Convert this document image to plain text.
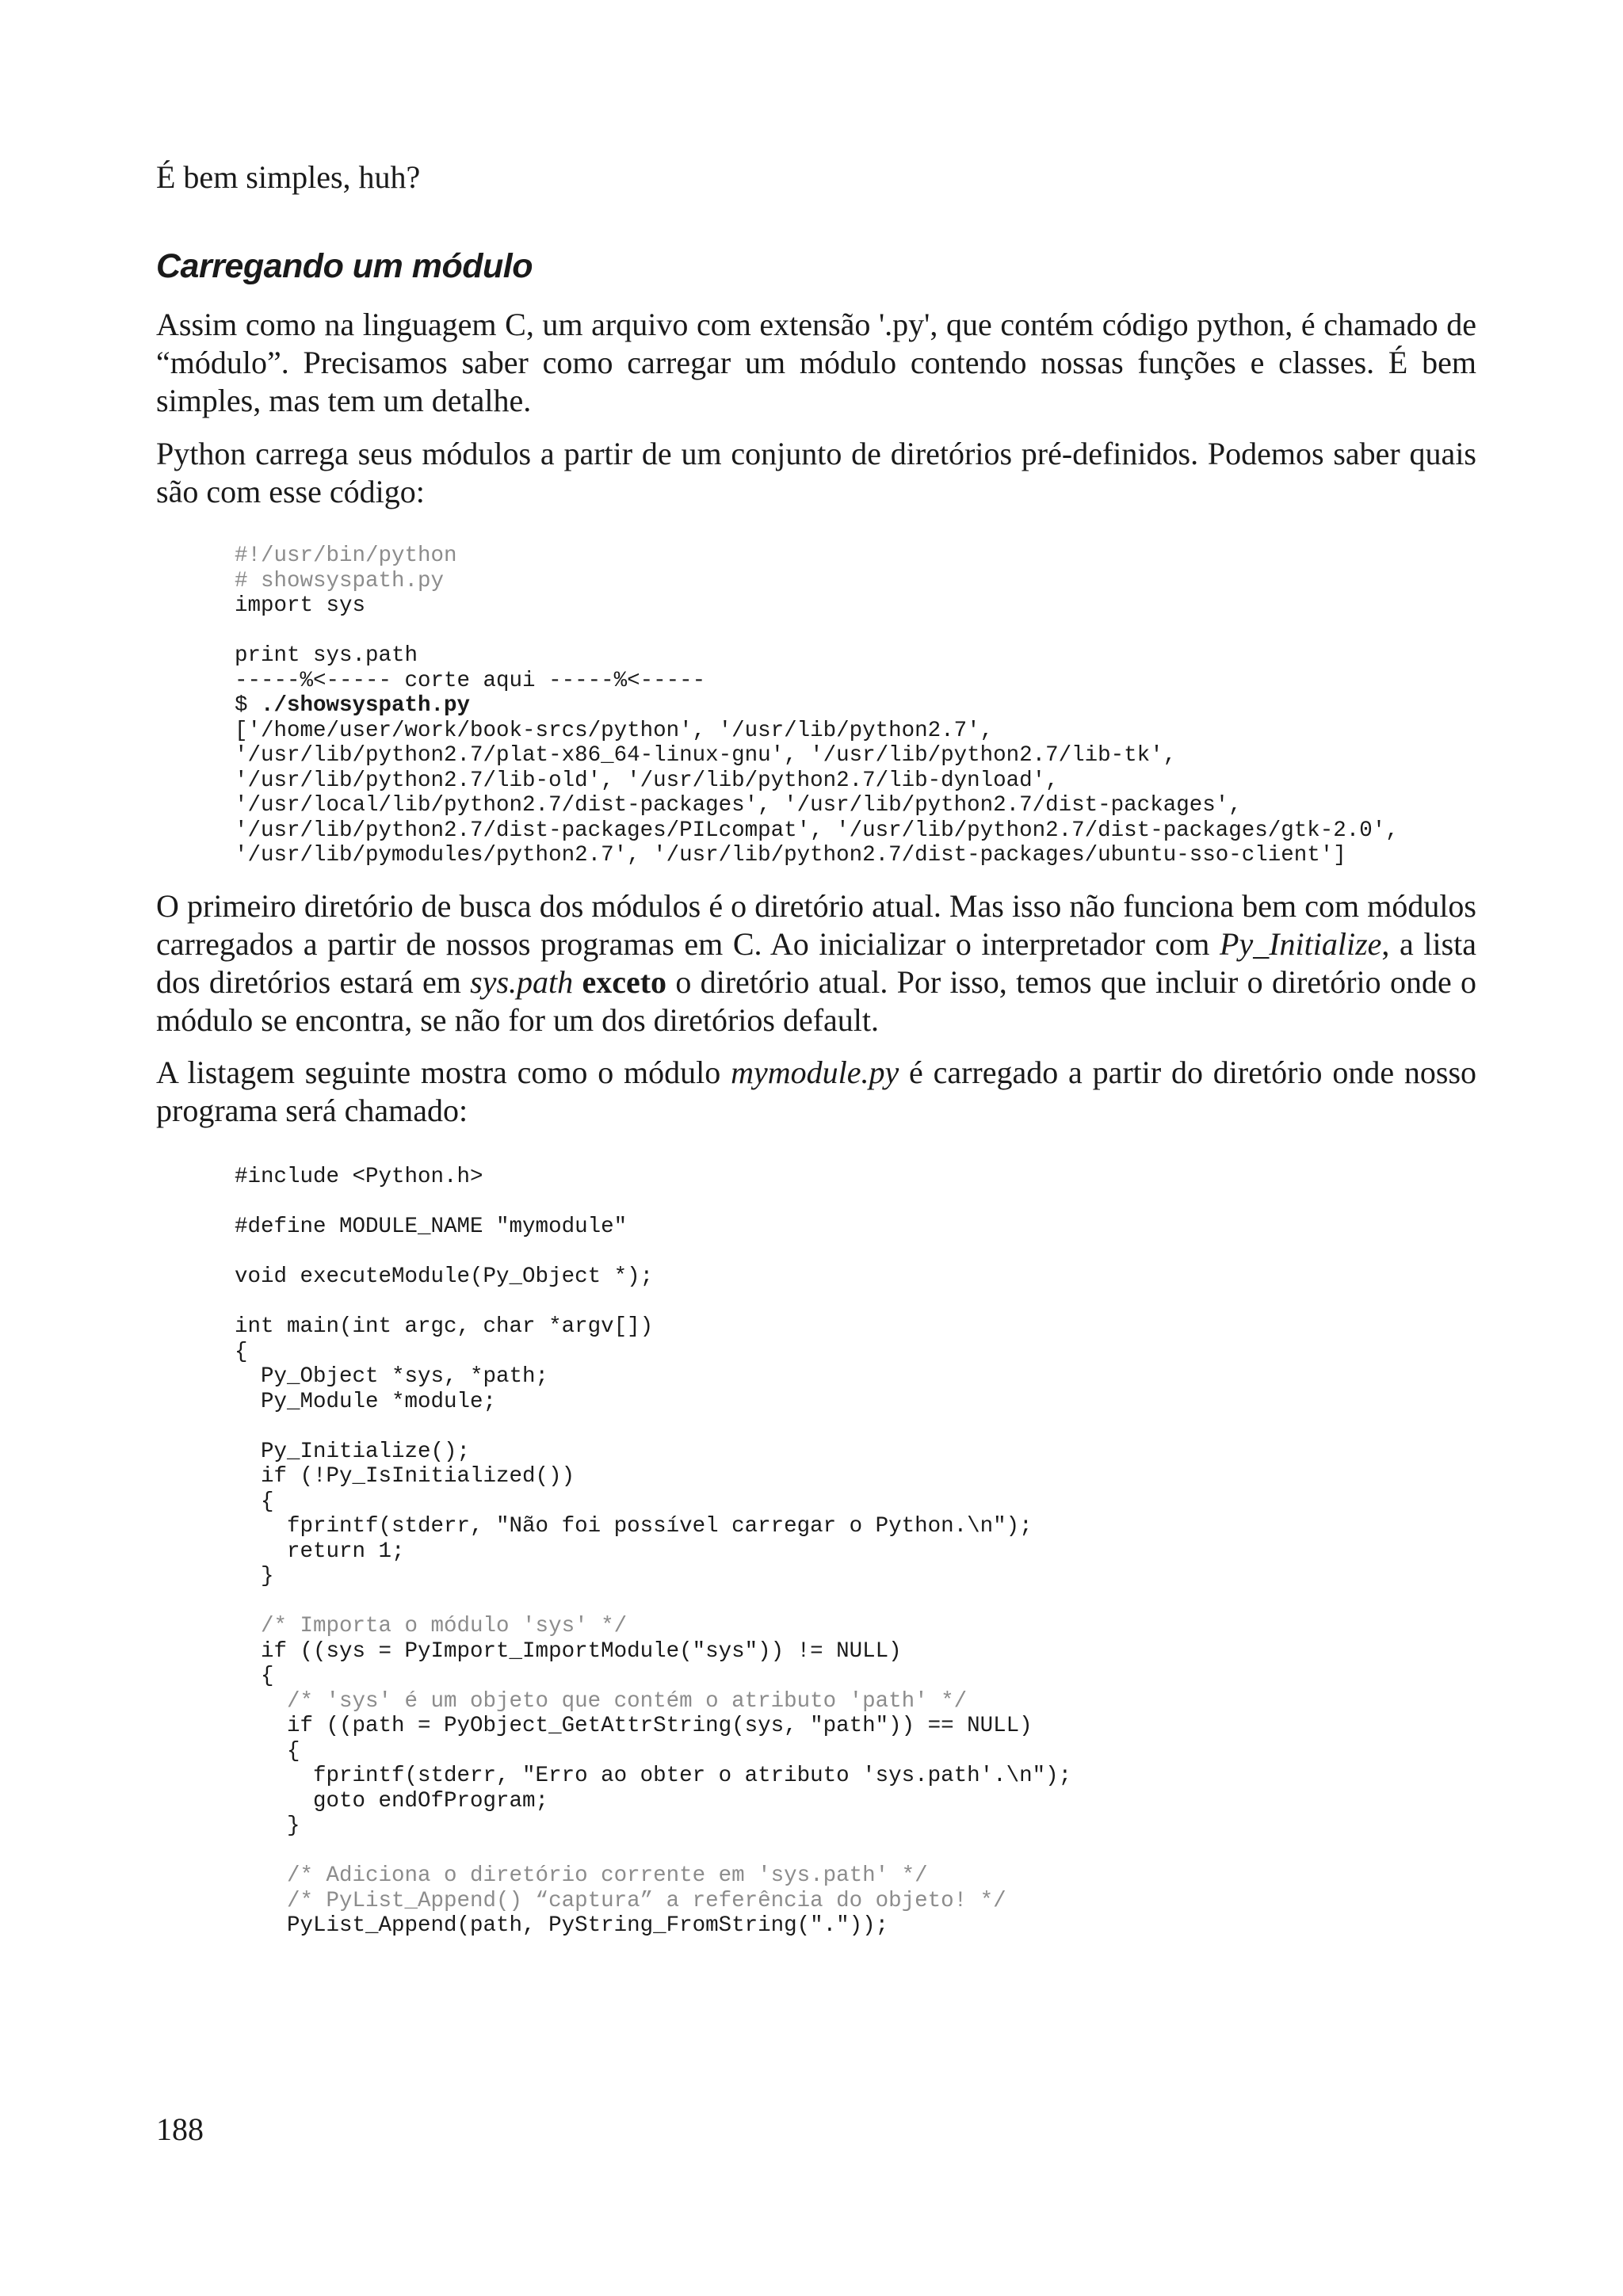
É bem simples, huh?

Carregando um módulo

Assim como na linguagem C, um arquivo com extensão '.py', que contém código python, é chamado de “módulo”. Precisamos saber como carregar um módulo contendo nossas funções e classes. É bem simples, mas tem um detalhe.

Python carrega seus módulos a partir de um conjunto de diretórios pré-definidos. Podemos saber quais são com esse código:

#!/usr/bin/python
# showsyspath.py
import sys
print sys.path
-----%<----- corte aqui -----%<-----
$ ./showsyspath.py
['/home/user/work/book-srcs/python', '/usr/lib/python2.7',
'/usr/lib/python2.7/plat-x86_64-linux-gnu', '/usr/lib/python2.7/lib-tk',
'/usr/lib/python2.7/lib-old', '/usr/lib/python2.7/lib-dynload',
'/usr/local/lib/python2.7/dist-packages', '/usr/lib/python2.7/dist-packages',
'/usr/lib/python2.7/dist-packages/PILcompat', '/usr/lib/python2.7/dist-packages/gtk-2.0',
'/usr/lib/pymodules/python2.7', '/usr/lib/python2.7/dist-packages/ubuntu-sso-client']

O primeiro diretório de busca dos módulos é o diretório atual. Mas isso não funciona bem com módulos carregados a partir de nossos programas em C. Ao inicializar o interpretador com Py_Initialize, a lista dos diretórios estará em sys.path exceto o diretório atual. Por isso, temos que incluir o diretório onde o módulo se encontra, se não for um dos diretórios default.

A listagem seguinte mostra como o módulo mymodule.py é carregado a partir do diretório onde nosso programa será chamado:

#include <Python.h>
#define MODULE_NAME "mymodule"
void executeModule(Py_Object *);
int main(int argc, char *argv[])
{
Py_Object *sys, *path;
Py_Module *module;
Py_Initialize();
if (!Py_IsInitialized())
{
fprintf(stderr, "Não foi possível carregar o Python.\n");
return 1;
}
/* Importa o módulo 'sys' */
if ((sys = PyImport_ImportModule("sys")) != NULL)
{
/* 'sys' é um objeto que contém o atributo 'path' */
if ((path = PyObject_GetAttrString(sys, "path")) == NULL)
{
fprintf(stderr, "Erro ao obter o atributo 'sys.path'.\n");
goto endOfProgram;
}
/* Adiciona o diretório corrente em 'sys.path' */
/* PyList_Append() “captura” a referência do objeto! */
PyList_Append(path, PyString_FromString("."));
188
